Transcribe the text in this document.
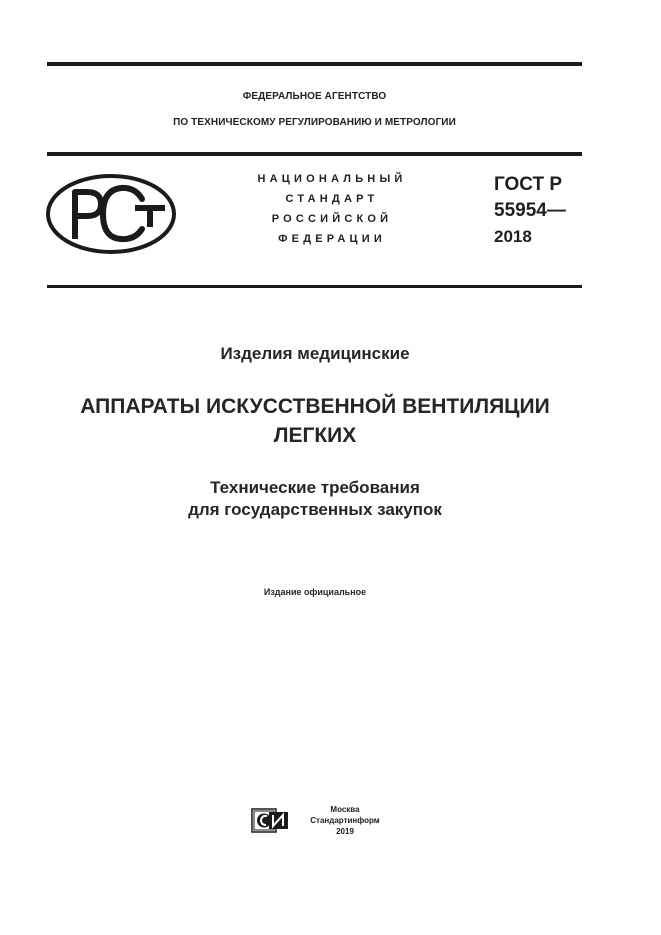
ФЕДЕРАЛЬНОЕ АГЕНТСТВО
ПО ТЕХНИЧЕСКОМУ РЕГУЛИРОВАНИЮ И МЕТРОЛОГИИ
НАЦИОНАЛЬНЫЙ
СТАНДАРТ
РОССИЙСКОЙ
ФЕДЕРАЦИИ
ГОСТ Р
55954—
2018
Изделия медицинские
АППАРАТЫ ИСКУССТВЕННОЙ ВЕНТИЛЯЦИИ
ЛЕГКИХ
Технические требования
для государственных закупок
Издание официальное
Москва
Стандартинформ
2019
